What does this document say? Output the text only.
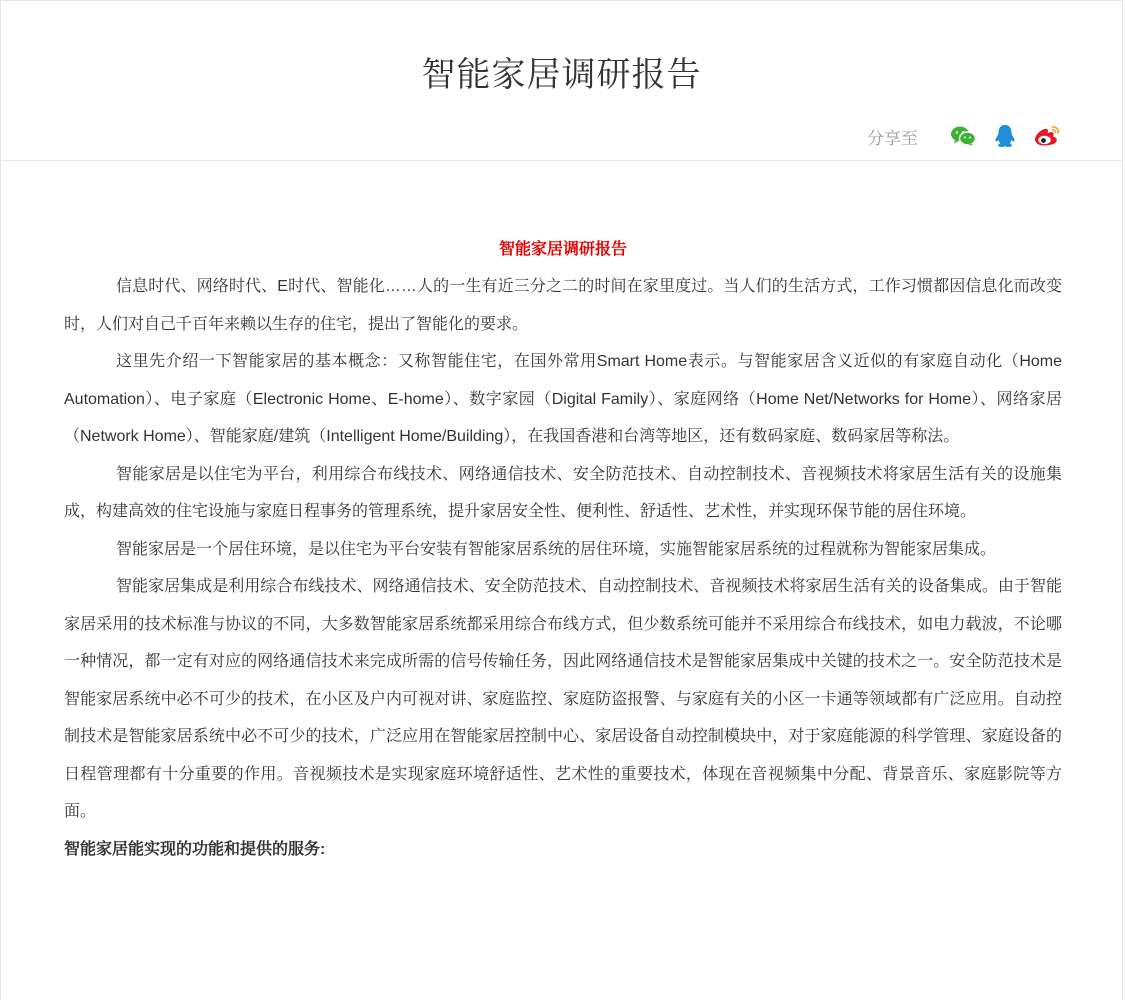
智能家居调研报告
分享至

智能家居调研报告

信息时代、网络时代、E时代、智能化……人的一生有近三分之二的时间在家里度过。当人们的生活方式，工作习惯都因信息化而改变时，人们对自己千百年来赖以生存的住宅，提出了智能化的要求。

这里先介绍一下智能家居的基本概念：又称智能住宅，在国外常用Smart Home表示。与智能家居含义近似的有家庭自动化（Home Automation）、电子家庭（Electronic Home、E-home）、数字家园（Digital Family）、家庭网络（Home Net/Networks for Home）、网络家居（Network Home）、智能家庭/建筑（Intelligent Home/Building），在我国香港和台湾等地区，还有数码家庭、数码家居等称法。

智能家居是以住宅为平台，利用综合布线技术、网络通信技术、安全防范技术、自动控制技术、音视频技术将家居生活有关的设施集成，构建高效的住宅设施与家庭日程事务的管理系统，提升家居安全性、便利性、舒适性、艺术性，并实现环保节能的居住环境。

智能家居是一个居住环境，是以住宅为平台安装有智能家居系统的居住环境，实施智能家居系统的过程就称为智能家居集成。

智能家居集成是利用综合布线技术、网络通信技术、安全防范技术、自动控制技术、音视频技术将家居生活有关的设备集成。由于智能家居采用的技术标准与协议的不同，大多数智能家居系统都采用综合布线方式，但少数系统可能并不采用综合布线技术，如电力载波，不论哪一种情况，都一定有对应的网络通信技术来完成所需的信号传输任务，因此网络通信技术是智能家居集成中关键的技术之一。安全防范技术是智能家居系统中必不可少的技术，在小区及户内可视对讲、家庭监控、家庭防盗报警、与家庭有关的小区一卡通等领域都有广泛应用。自动控制技术是智能家居系统中必不可少的技术，广泛应用在智能家居控制中心、家居设备自动控制模块中，对于家庭能源的科学管理、家庭设备的日程管理都有十分重要的作用。音视频技术是实现家庭环境舒适性、艺术性的重要技术，体现在音视频集中分配、背景音乐、家庭影院等方面。

智能家居能实现的功能和提供的服务:
